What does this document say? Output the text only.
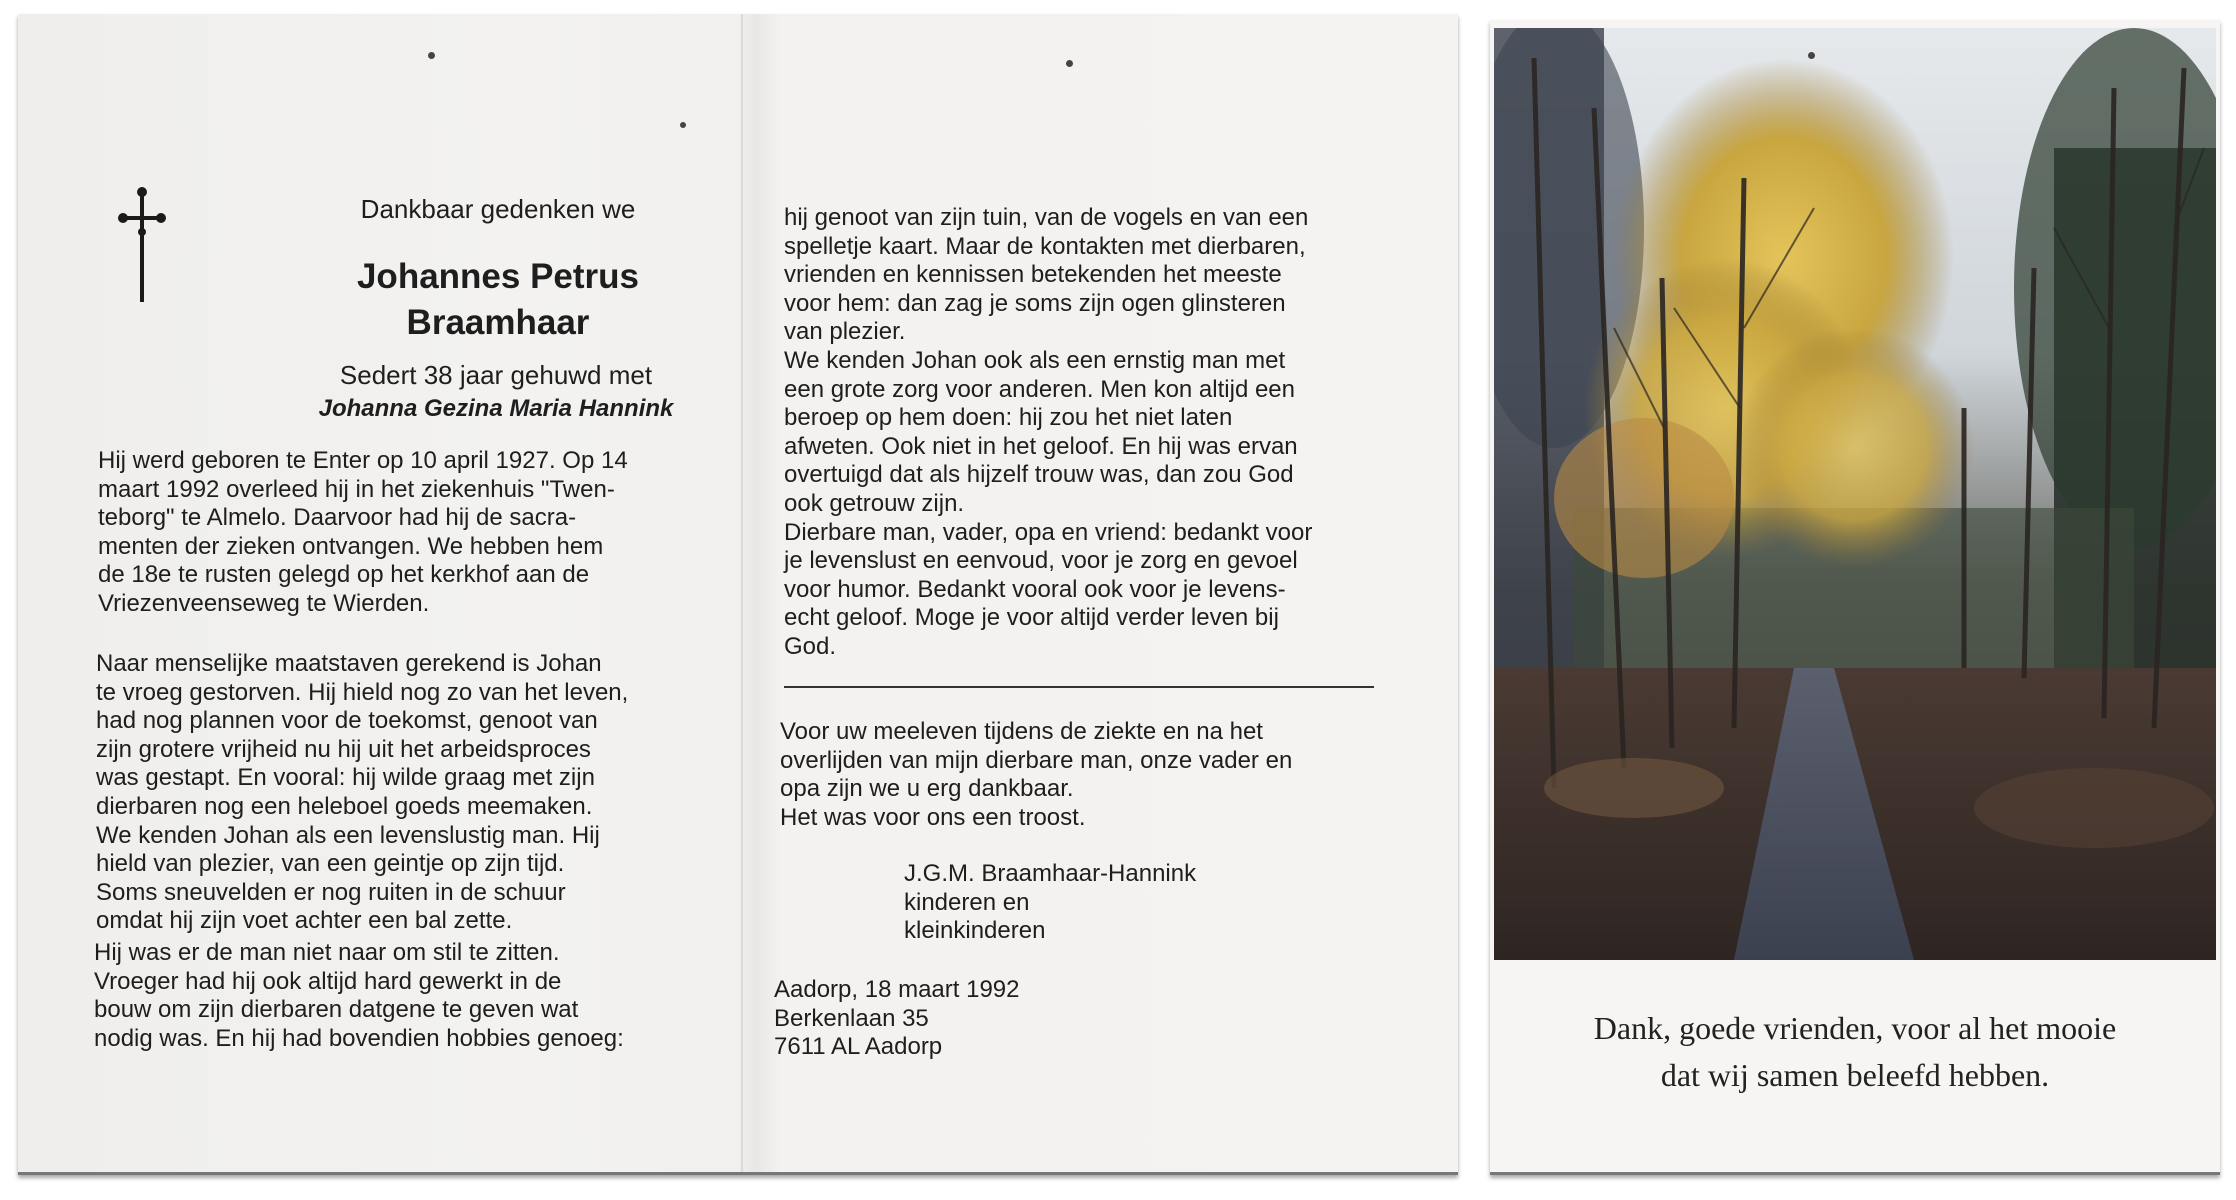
Dankbaar gedenken we
Johannes Petrus
Braamhaar
Sedert 38 jaar gehuwd met
Johanna Gezina Maria Hannink
Hij werd geboren te Enter op 10 april 1927. Op 14
maart 1992 overleed hij in het ziekenhuis "Twen-
teborg" te Almelo. Daarvoor had hij de sacra-
menten der zieken ontvangen. We hebben hem
de 18e te rusten gelegd op het kerkhof aan de
Vriezenveenseweg te Wierden.
Naar menselijke maatstaven gerekend is Johan
te vroeg gestorven. Hij hield nog zo van het leven,
had nog plannen voor de toekomst, genoot van
zijn grotere vrijheid nu hij uit het arbeidsproces
was gestapt. En vooral: hij wilde graag met zijn
dierbaren nog een heleboel goeds meemaken.
We kenden Johan als een levenslustig man. Hij
hield van plezier, van een geintje op zijn tijd.
Soms sneuvelden er nog ruiten in de schuur
omdat hij zijn voet achter een bal zette.
Hij was er de man niet naar om stil te zitten.
Vroeger had hij ook altijd hard gewerkt in de
bouw om zijn dierbaren datgene te geven wat
nodig was. En hij had bovendien hobbies genoeg:
hij genoot van zijn tuin, van de vogels en van een
spelletje kaart. Maar de kontakten met dierbaren,
vrienden en kennissen betekenden het meeste
voor hem: dan zag je soms zijn ogen glinsteren
van plezier.
We kenden Johan ook als een ernstig man met
een grote zorg voor anderen. Men kon altijd een
beroep op hem doen: hij zou het niet laten
afweten. Ook niet in het geloof. En hij was ervan
overtuigd dat als hijzelf trouw was, dan zou God
ook getrouw zijn.
Dierbare man, vader, opa en vriend: bedankt voor
je levenslust en eenvoud, voor je zorg en gevoel
voor humor. Bedankt vooral ook voor je levens-
echt geloof. Moge je voor altijd verder leven bij
God.
Voor uw meeleven tijdens de ziekte en na het
overlijden van mijn dierbare man, onze vader en
opa zijn we u erg dankbaar.
Het was voor ons een troost.
J.G.M. Braamhaar-Hannink
kinderen en
kleinkinderen
Aadorp, 18 maart 1992
Berkenlaan 35
7611 AL Aadorp
Dank, goede vrienden, voor al het mooie
dat wij samen beleefd hebben.
